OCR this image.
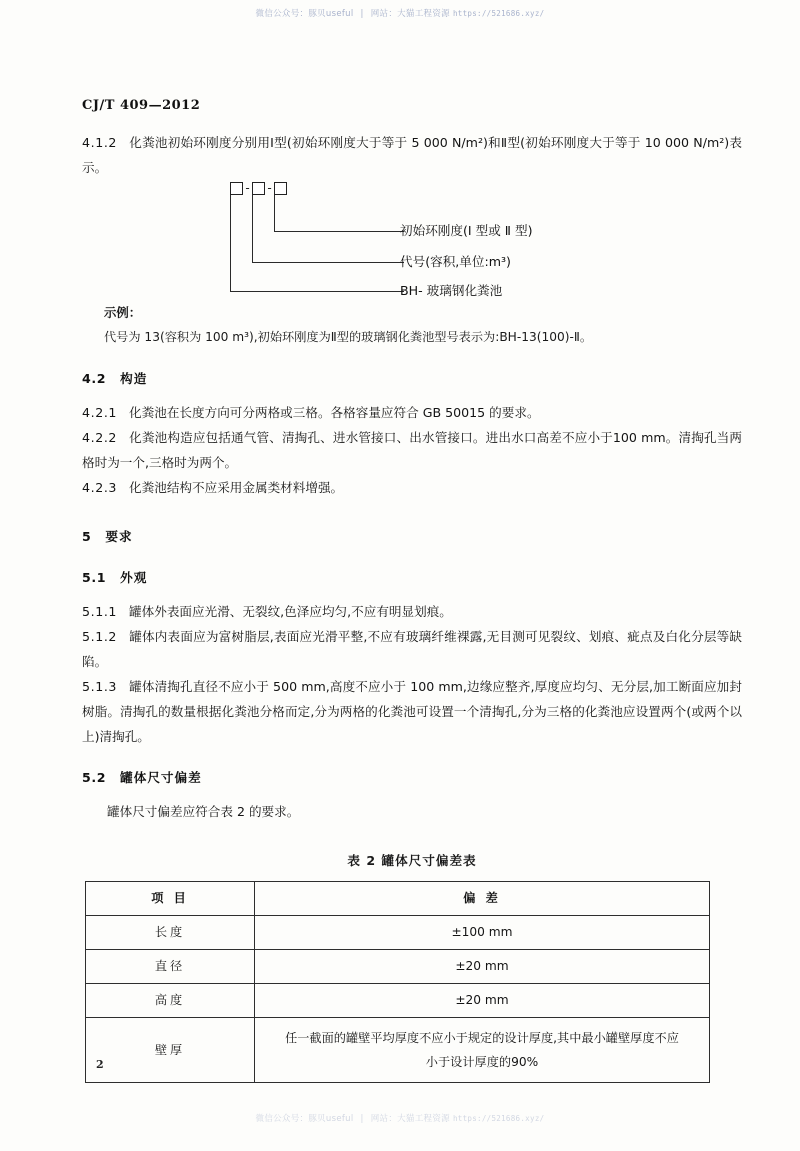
微信公众号：豚贝useful | 网站：大猫工程资源 https://521686.xyz/
CJ/T 409—2012

4.1.2 化粪池初始环刚度分别用Ⅰ型(初始环刚度大于等于 5 000 N/m²)和Ⅱ型(初始环刚度大于等于 10 000 N/m²)表示。

- -
初始环刚度(Ⅰ 型或 Ⅱ 型)
代号(容积,单位:m³)
BH- 玻璃钢化粪池
示例：
代号为 13(容积为 100 m³),初始环刚度为Ⅱ型的玻璃钢化粪池型号表示为:BH-13(100)-Ⅱ。
4.2 构造

4.2.1 化粪池在长度方向可分两格或三格。各格容量应符合 GB 50015 的要求。

4.2.2 化粪池构造应包括通气管、清掏孔、进水管接口、出水管接口。进出水口高差不应小于100 mm。清掏孔当两格时为一个,三格时为两个。

4.2.3 化粪池结构不应采用金属类材料增强。

5 要求
5.1 外观

5.1.1 罐体外表面应光滑、无裂纹,色泽应均匀,不应有明显划痕。

5.1.2 罐体内表面应为富树脂层,表面应光滑平整,不应有玻璃纤维裸露,无目测可见裂纹、划痕、疵点及白化分层等缺陷。

5.1.3 罐体清掏孔直径不应小于 500 mm,高度不应小于 100 mm,边缘应整齐,厚度应均匀、无分层,加工断面应加封树脂。清掏孔的数量根据化粪池分格而定,分为两格的化粪池可设置一个清掏孔,分为三格的化粪池应设置两个(或两个以上)清掏孔。

5.2 罐体尺寸偏差

罐体尺寸偏差应符合表 2 的要求。

表 2 罐体尺寸偏差表
项 目	偏 差
长度	±100 mm
直径	±20 mm
高度	±20 mm
壁厚	任一截面的罐壁平均厚度不应小于规定的设计厚度,其中最小罐壁厚度不应小于设计厚度的90%
2
微信公众号：豚贝useful | 网站：大猫工程资源 https://521686.xyz/
